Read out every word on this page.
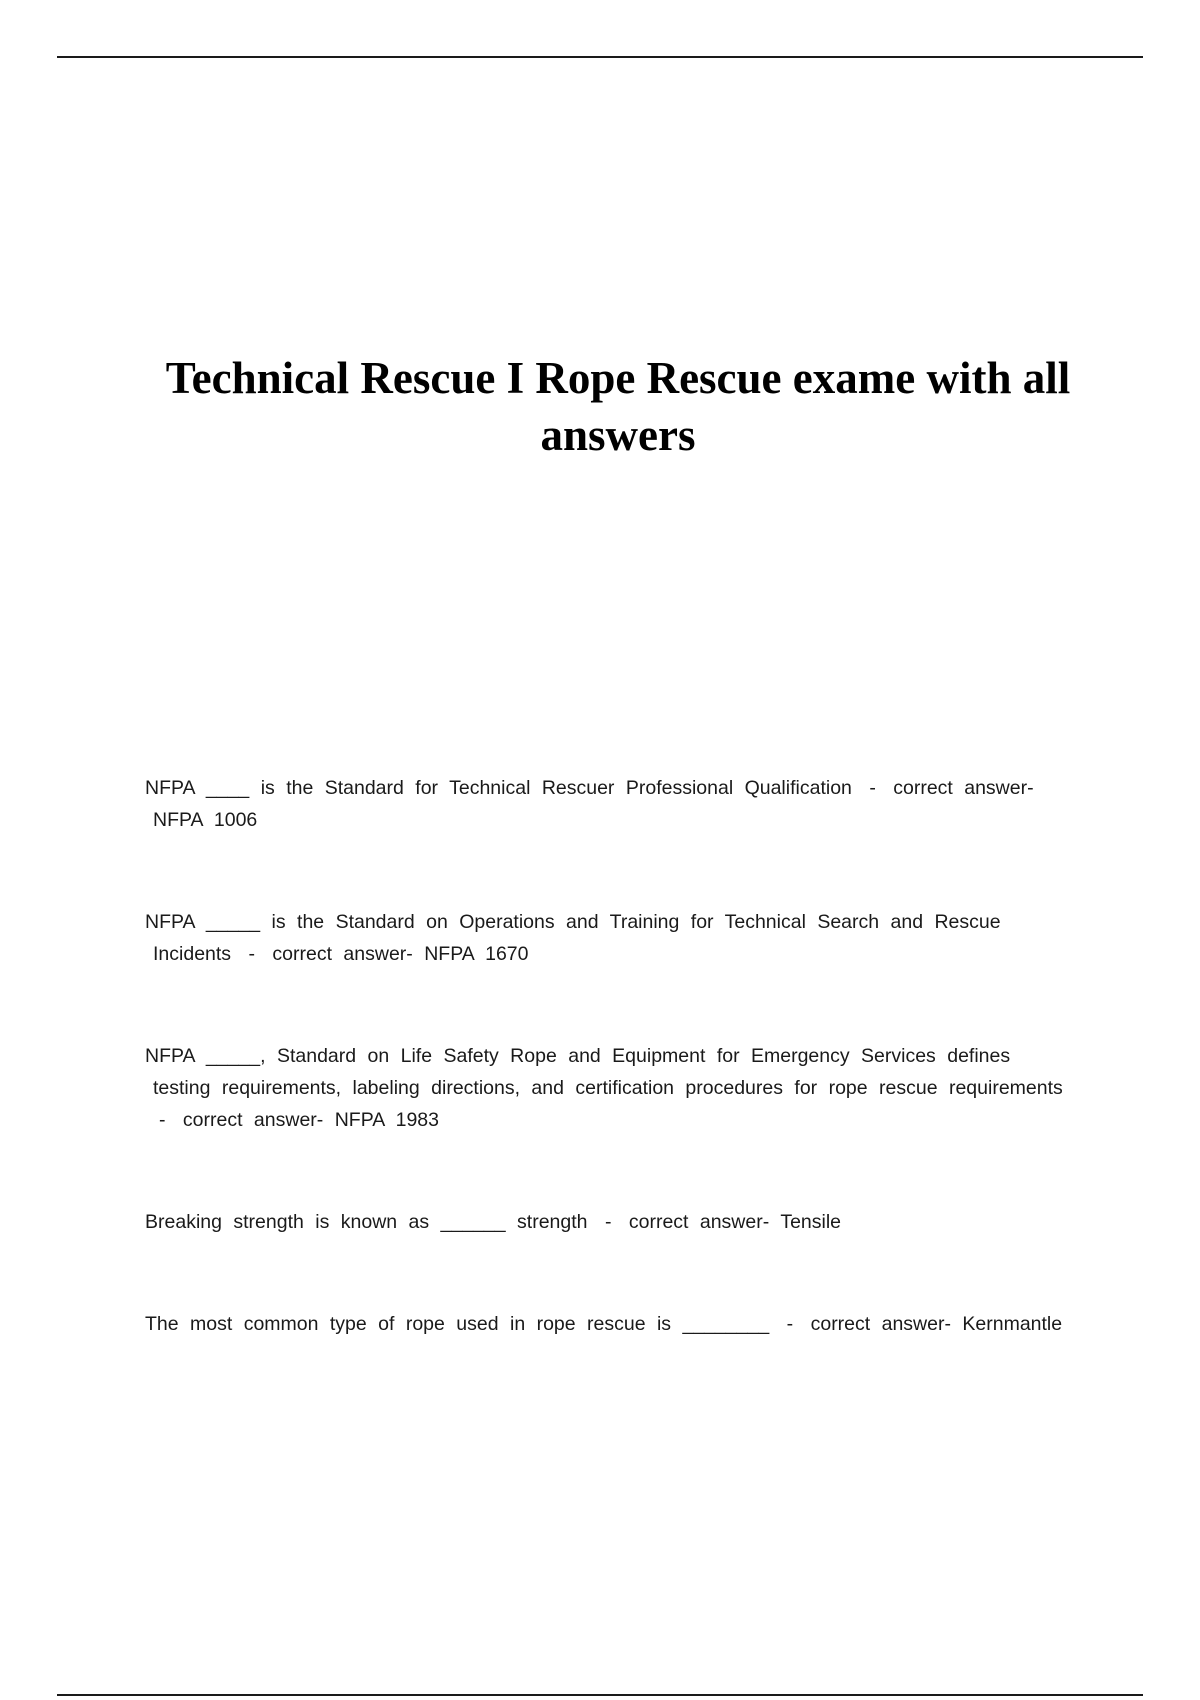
Technical Rescue I Rope Rescue exame with all answers
NFPA ____ is the Standard for Technical Rescuer Professional Qualification - correct answer- NFPA 1006
NFPA _____ is the Standard on Operations and Training for Technical Search and Rescue Incidents - correct answer- NFPA 1670
NFPA _____, Standard on Life Safety Rope and Equipment for Emergency Services defines testing requirements, labeling directions, and certification procedures for rope rescue requirements - correct answer- NFPA 1983
Breaking strength is known as ______ strength - correct answer- Tensile
The most common type of rope used in rope rescue is ________ - correct answer- Kernmantle
